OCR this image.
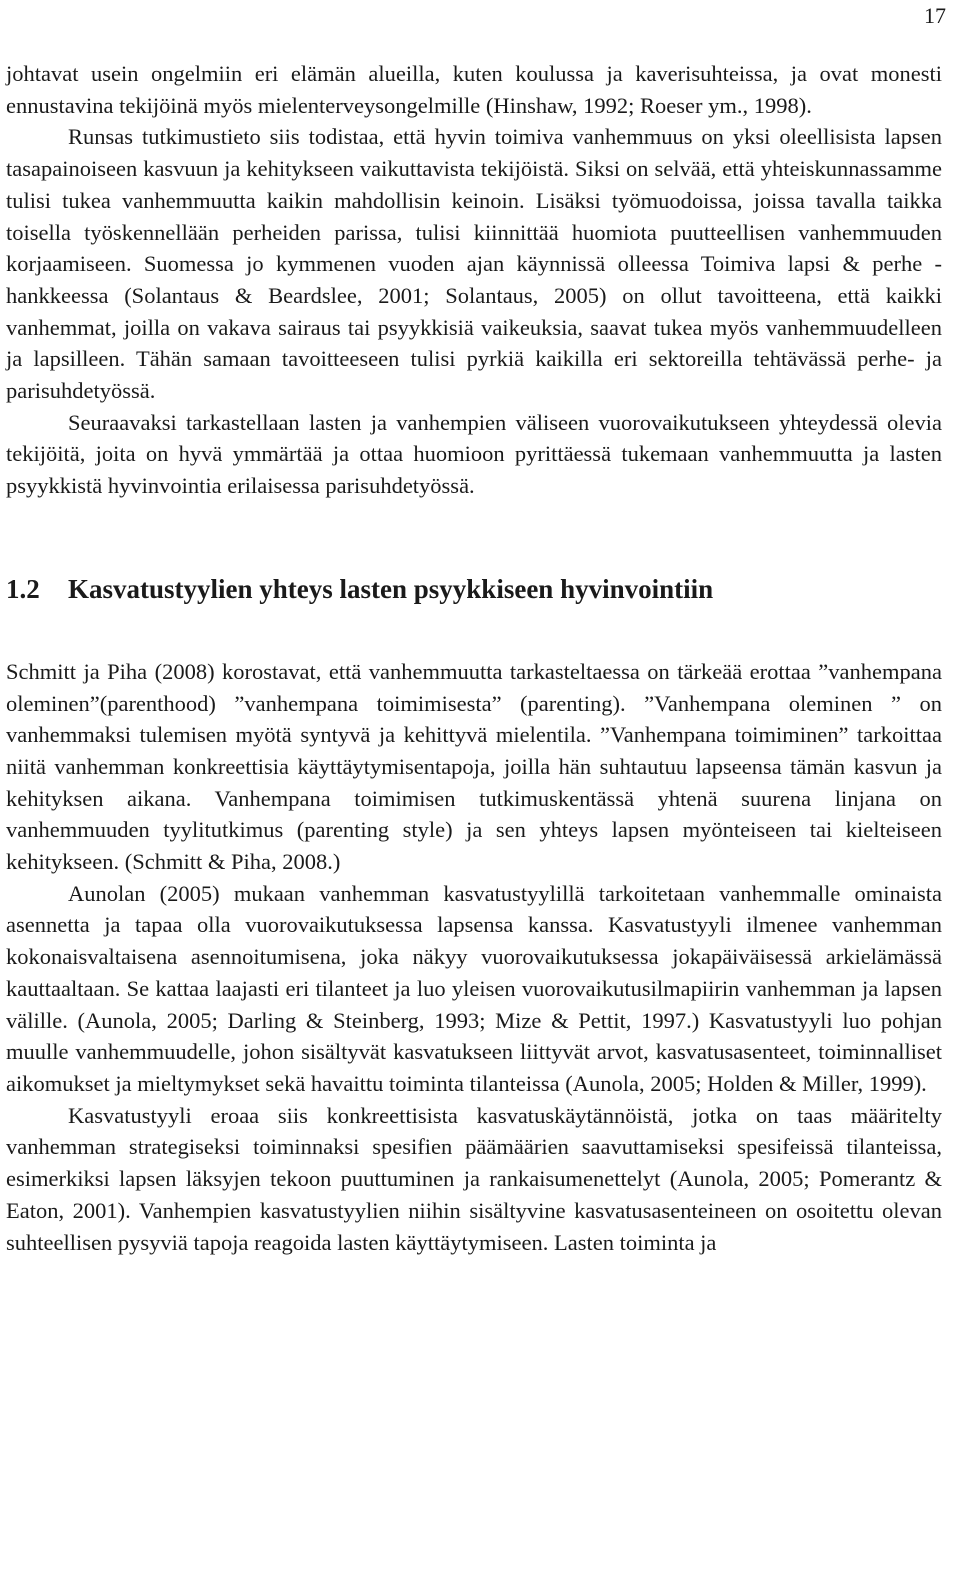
17

johtavat usein ongelmiin eri elämän alueilla, kuten koulussa ja kaverisuhteissa, ja ovat monesti ennustavina tekijöinä myös mielenterveysongelmille (Hinshaw, 1992; Roeser ym., 1998).

Runsas tutkimustieto siis todistaa, että hyvin toimiva vanhemmuus on yksi oleellisista lapsen tasapainoiseen kasvuun ja kehitykseen vaikuttavista tekijöistä. Siksi on selvää, että yhteiskunnassamme tulisi tukea vanhemmuutta kaikin mahdollisin keinoin. Lisäksi työmuodoissa, joissa tavalla taikka toisella työskennellään perheiden parissa, tulisi kiinnittää huomiota puutteellisen vanhemmuuden korjaamiseen. Suomessa jo kymmenen vuoden ajan käynnissä olleessa Toimiva lapsi & perhe -hankkeessa (Solantaus & Beardslee, 2001; Solantaus, 2005) on ollut tavoitteena, että kaikki vanhemmat, joilla on vakava sairaus tai psyykkisiä vaikeuksia, saavat tukea myös vanhemmuudelleen ja lapsilleen. Tähän samaan tavoitteeseen tulisi pyrkiä kaikilla eri sektoreilla tehtävässä perhe- ja parisuhdetyössä.

Seuraavaksi tarkastellaan lasten ja vanhempien väliseen vuorovaikutukseen yhteydessä olevia tekijöitä, joita on hyvä ymmärtää ja ottaa huomioon pyrittäessä tukemaan vanhemmuutta ja lasten psyykkistä hyvinvointia erilaisessa parisuhdetyössä.

1.2	Kasvatustyylien yhteys lasten psyykkiseen hyvinvointiin

Schmitt ja Piha (2008) korostavat, että vanhemmuutta tarkasteltaessa on tärkeää erottaa ”vanhempana oleminen”(parenthood) ”vanhempana toimimisesta” (parenting). ”Vanhempana oleminen ” on vanhemmaksi tulemisen myötä syntyvä ja kehittyvä mielentila. ”Vanhempana toimiminen” tarkoittaa niitä vanhemman konkreettisia käyttäytymisentapoja, joilla hän suhtautuu lapseensa tämän kasvun ja kehityksen aikana. Vanhempana toimimisen tutkimuskentässä yhtenä suurena linjana on vanhemmuuden tyylitutkimus (parenting style) ja sen yhteys lapsen myönteiseen tai kielteiseen kehitykseen. (Schmitt & Piha, 2008.)

Aunolan (2005) mukaan vanhemman kasvatustyylillä tarkoitetaan vanhemmalle ominaista asennetta ja tapaa olla vuorovaikutuksessa lapsensa kanssa. Kasvatustyyli ilmenee vanhemman kokonaisvaltaisena asennoitumisena, joka näkyy vuorovaikutuksessa jokapäiväisessä arkielämässä kauttaaltaan. Se kattaa laajasti eri tilanteet ja luo yleisen vuorovaikutusilmapiirin vanhemman ja lapsen välille. (Aunola, 2005; Darling & Steinberg, 1993; Mize & Pettit, 1997.) Kasvatustyyli luo pohjan muulle vanhemmuudelle, johon sisältyvät kasvatukseen liittyvät arvot, kasvatusasenteet, toiminnalliset aikomukset ja mieltymykset sekä havaittu toiminta tilanteissa (Aunola, 2005; Holden & Miller, 1999).

Kasvatustyyli eroaa siis konkreettisista kasvatuskäytännöistä, jotka on taas määritelty vanhemman strategiseksi toiminnaksi spesifien päämäärien saavuttamiseksi spesifeissä tilanteissa, esimerkiksi lapsen läksyjen tekoon puuttuminen ja rankaisumenettelyt (Aunola, 2005; Pomerantz & Eaton, 2001). Vanhempien kasvatustyylien niihin sisältyvine kasvatusasenteineen on osoitettu olevan suhteellisen pysyviä tapoja reagoida lasten käyttäytymiseen. Lasten toiminta ja
